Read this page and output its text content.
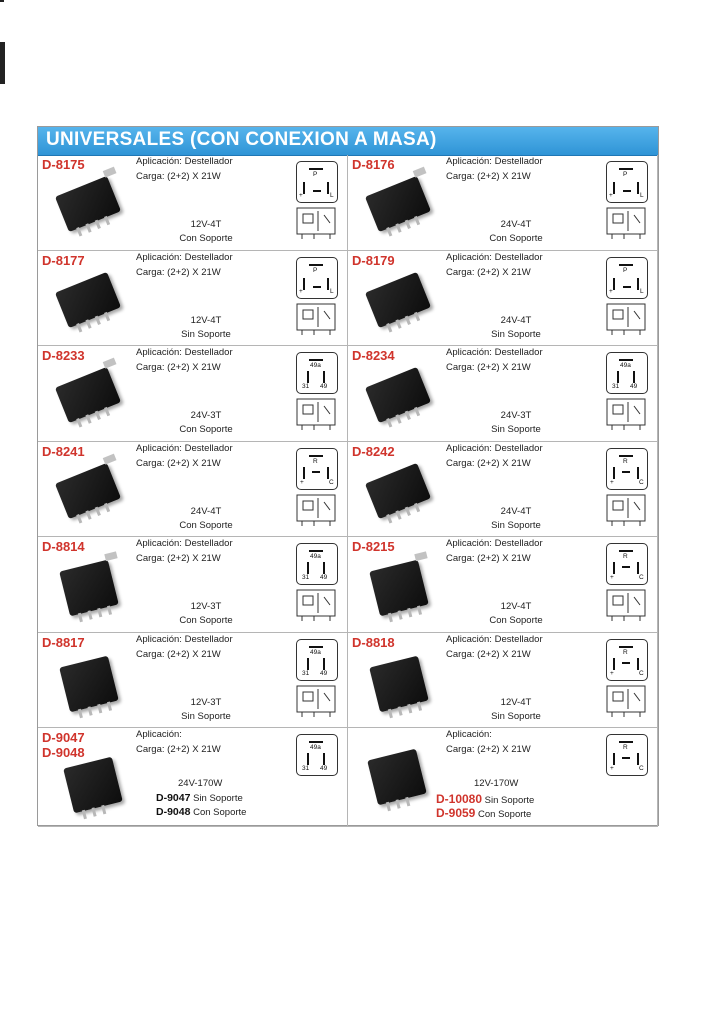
UNIVERSALES (CON CONEXION A MASA)
D-8175	Aplicación: Destellador
Carga: (2+2) X 21W
12V-4T
Con Soporte
P
+
_
L
D-8176	Aplicación: Destellador
Carga: (2+2) X 21W
24V-4T
Con Soporte
P
+
_
L
D-8177	Aplicación: Destellador
Carga: (2+2) X 21W
12V-4T
Sin Soporte
P
+
_
L
D-8179	Aplicación: Destellador
Carga: (2+2) X 21W
24V-4T
Sin Soporte
P
+
_
L
D-8233	Aplicación: Destellador
Carga: (2+2) X 21W
24V-3T
Con Soporte
49a
31 49
D-8234	Aplicación: Destellador
Carga: (2+2) X 21W
24V-3T
Sin Soporte
49a
31 49
D-8241	Aplicación: Destellador
Carga: (2+2) X 21W
24V-4T
Con Soporte
R
+	C
D-8242	Aplicación: Destellador
Carga: (2+2) X 21W
24V-4T
Sin Soporte
R
+	C
D-8814	Aplicación: Destellador
Carga: (2+2) X 21W
12V-3T
Con Soporte
49a
31 49
D-8215	Aplicación: Destellador
Carga: (2+2) X 21W
12V-4T
Con Soporte
R
+	C
D-8817	Aplicación: Destellador
Carga: (2+2) X 21W
12V-3T
Sin Soporte
49a
31 49
D-8818	Aplicación: Destellador
Carga: (2+2) X 21W
12V-4T
Sin Soporte
R
+	C
D-9047
D-9048
Aplicación:
Carga: (2+2) X 21W
24V-170W
D-9047 Sin Soporte
D-9048 Con Soporte
49a
31 49
Aplicación:
Carga: (2+2) X 21W
12V-170W
D-10080 Sin Soporte
D-9059 Con Soporte
R
+	C
